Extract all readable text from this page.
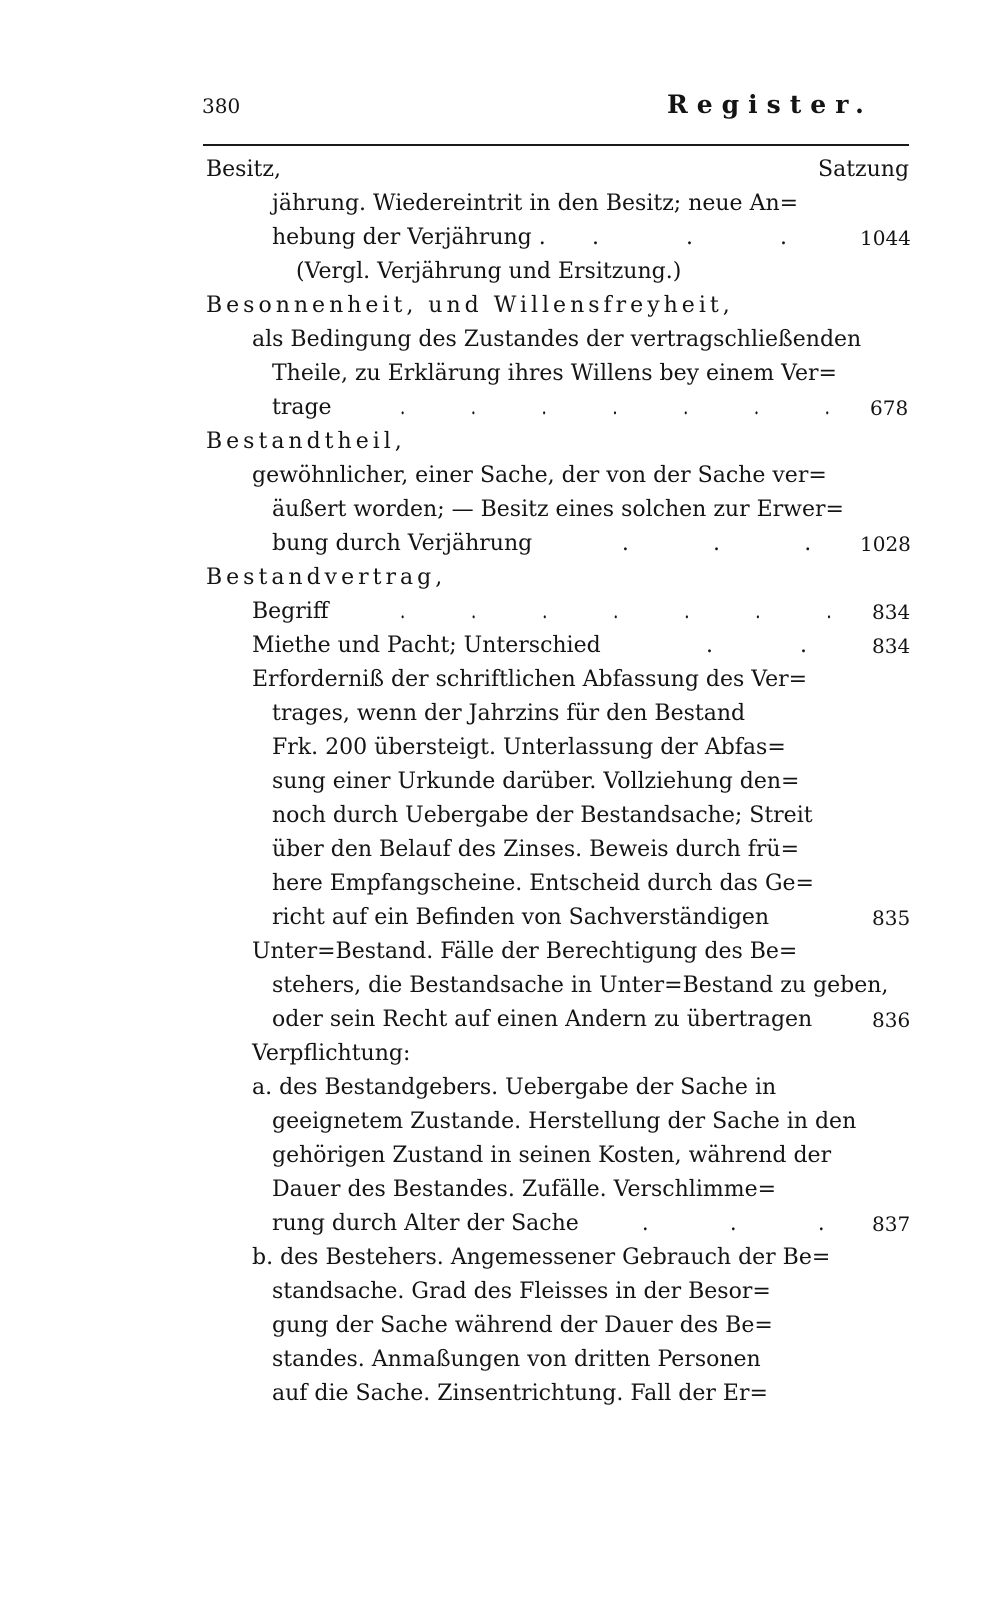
380	Register.
Besitz,	Satzung
jährung. Wiedereintrit in den Besitz; neue An=
hebung der Verjährung . . . . 1044
(Vergl. Verjährung und Ersitzung.)
Besonnenheit, und Willensfreyheit,
als Bedingung des Zustandes der vertragschließenden
Theile, zu Erklärung ihres Willens bey einem Ver=
trage	. . . . . . . 678
Bestandtheil,
gewöhnlicher, einer Sache, der von der Sache ver=
äußert worden; — Besitz eines solchen zur Erwer=
bung durch Verjährung	. . . 1028
Bestandvertrag,
Begriff	. . . . . . . 834
Miethe und Pacht; Unterschied	. . 834
Erforderniß der schriftlichen Abfassung des Ver=
trages, wenn der Jahrzins für den Bestand
Frk. 200 übersteigt. Unterlassung der Abfas=
sung einer Urkunde darüber. Vollziehung den=
noch durch Uebergabe der Bestandsache; Streit
über den Belauf des Zinses. Beweis durch frü=
here Empfangscheine. Entscheid durch das Ge=
richt auf ein Befinden von Sachverständigen	835
Unter=Bestand. Fälle der Berechtigung des Be=
stehers, die Bestandsache in Unter=Bestand zu geben,
oder sein Recht auf einen Andern zu übertragen	836
Verpflichtung:
a. des Bestandgebers. Uebergabe der Sache in
geeignetem Zustande. Herstellung der Sache in den
gehörigen Zustand in seinen Kosten, während der
Dauer des Bestandes. Zufälle. Verschlimme=
rung durch Alter der Sache	. . . 837
b. des Bestehers. Angemessener Gebrauch der Be=
standsache. Grad des Fleisses in der Besor=
gung der Sache während der Dauer des Be=
standes. Anmaßungen von dritten Personen
auf die Sache. Zinsentrichtung. Fall der Er=
